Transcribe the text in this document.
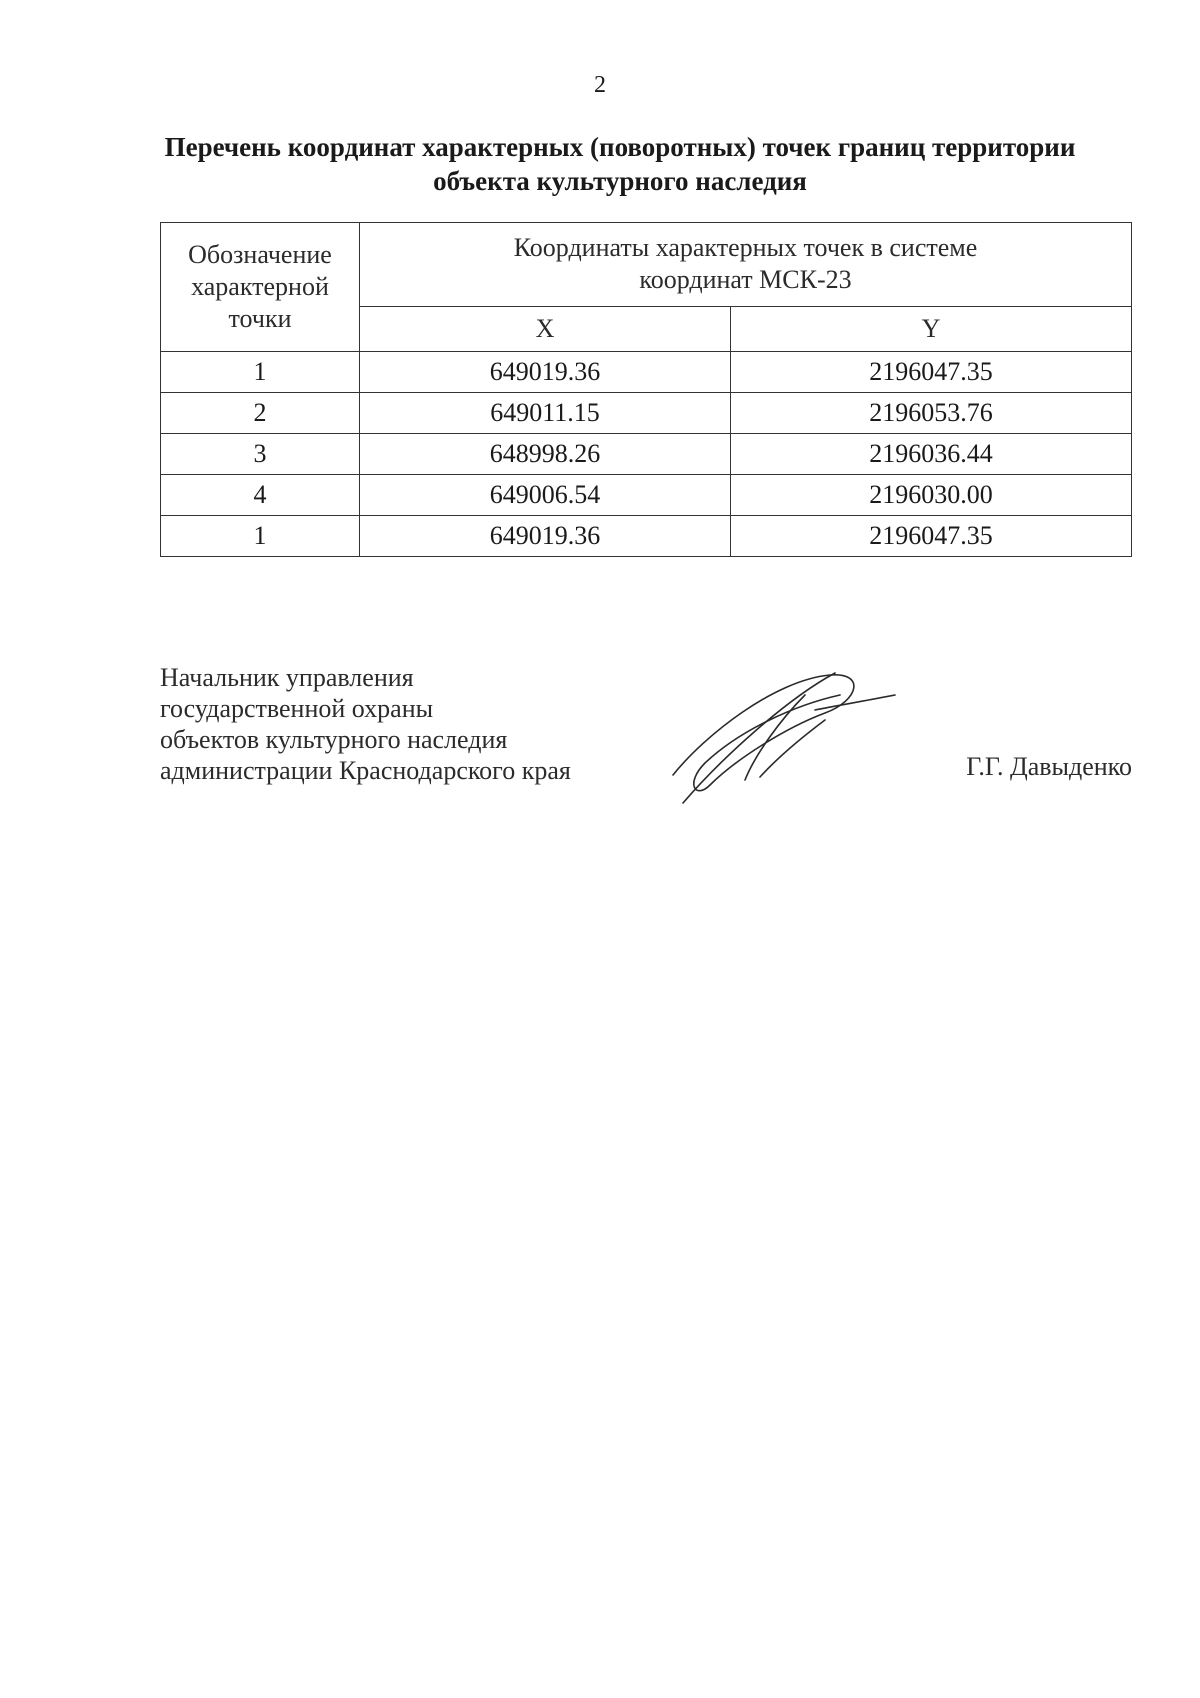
2
Перечень координат характерных (поворотных) точек границ территории
объекта культурного наследия
Обозначение
характерной
точки	Координаты характерных точек в системе
координат МСК-23	

	X	Y
1	649019.36	2196047.35
2	649011.15	2196053.76
3	648998.26	2196036.44
4	649006.54	2196030.00
1	649019.36	2196047.35
Начальник управления
государственной охраны
объектов культурного наследия
администрации Краснодарского края	Г.Г. Давыденко
